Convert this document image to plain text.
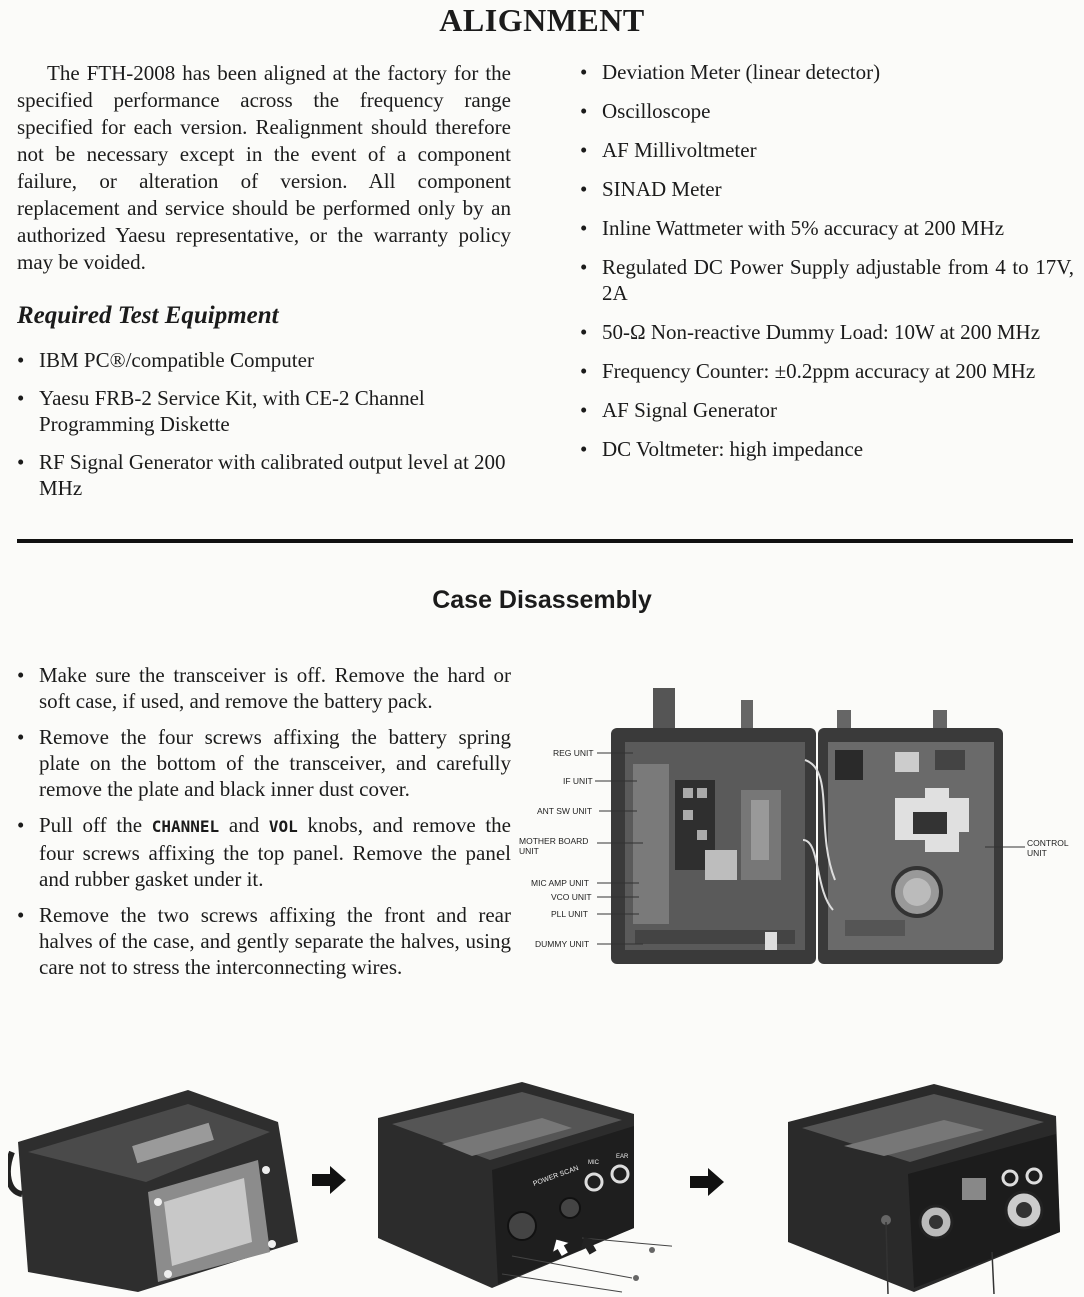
ALIGNMENT

The FTH-2008 has been aligned at the factory for the specified performance across the frequency range specified for each version. Realignment should therefore not be necessary except in the event of a component failure, or alteration of version. All component replacement and service should be performed only by an authorized Yaesu representative, or the warranty policy may be voided.

Required Test Equipment
• IBM PC®/compatible Computer
• Yaesu FRB-2 Service Kit, with CE-2 Channel Programming Diskette
• RF Signal Generator with calibrated output level at 200 MHz
• Deviation Meter (linear detector)
• Oscilloscope
• AF Millivoltmeter
• SINAD Meter
• Inline Wattmeter with 5% accuracy at 200 MHz
• Regulated DC Power Supply adjustable from 4 to 17V, 2A
• 50-Ω Non-reactive Dummy Load: 10W at 200 MHz
• Frequency Counter: ±0.2ppm accuracy at 200 MHz
• AF Signal Generator
• DC Voltmeter: high impedance
Case Disassembly
• Make sure the transceiver is off. Remove the hard or soft case, if used, and remove the battery pack.
• Remove the four screws affixing the battery spring plate on the bottom of the transceiver, and carefully remove the plate and black inner dust cover.
• Pull off the CHANNEL and VOL knobs, and remove the four screws affixing the top panel. Remove the panel and rubber gasket under it.
• Remove the two screws affixing the front and rear halves of the case, and gently separate the halves, using care not to stress the interconnecting wires.
REG UNIT
IF UNIT
ANT SW UNIT
MOTHER BOARD
UNIT
MIC AMP UNIT
VCO UNIT
PLL UNIT
DUMMY UNIT
CONTROL
UNIT
POWER SCAN
MIC
EAR
